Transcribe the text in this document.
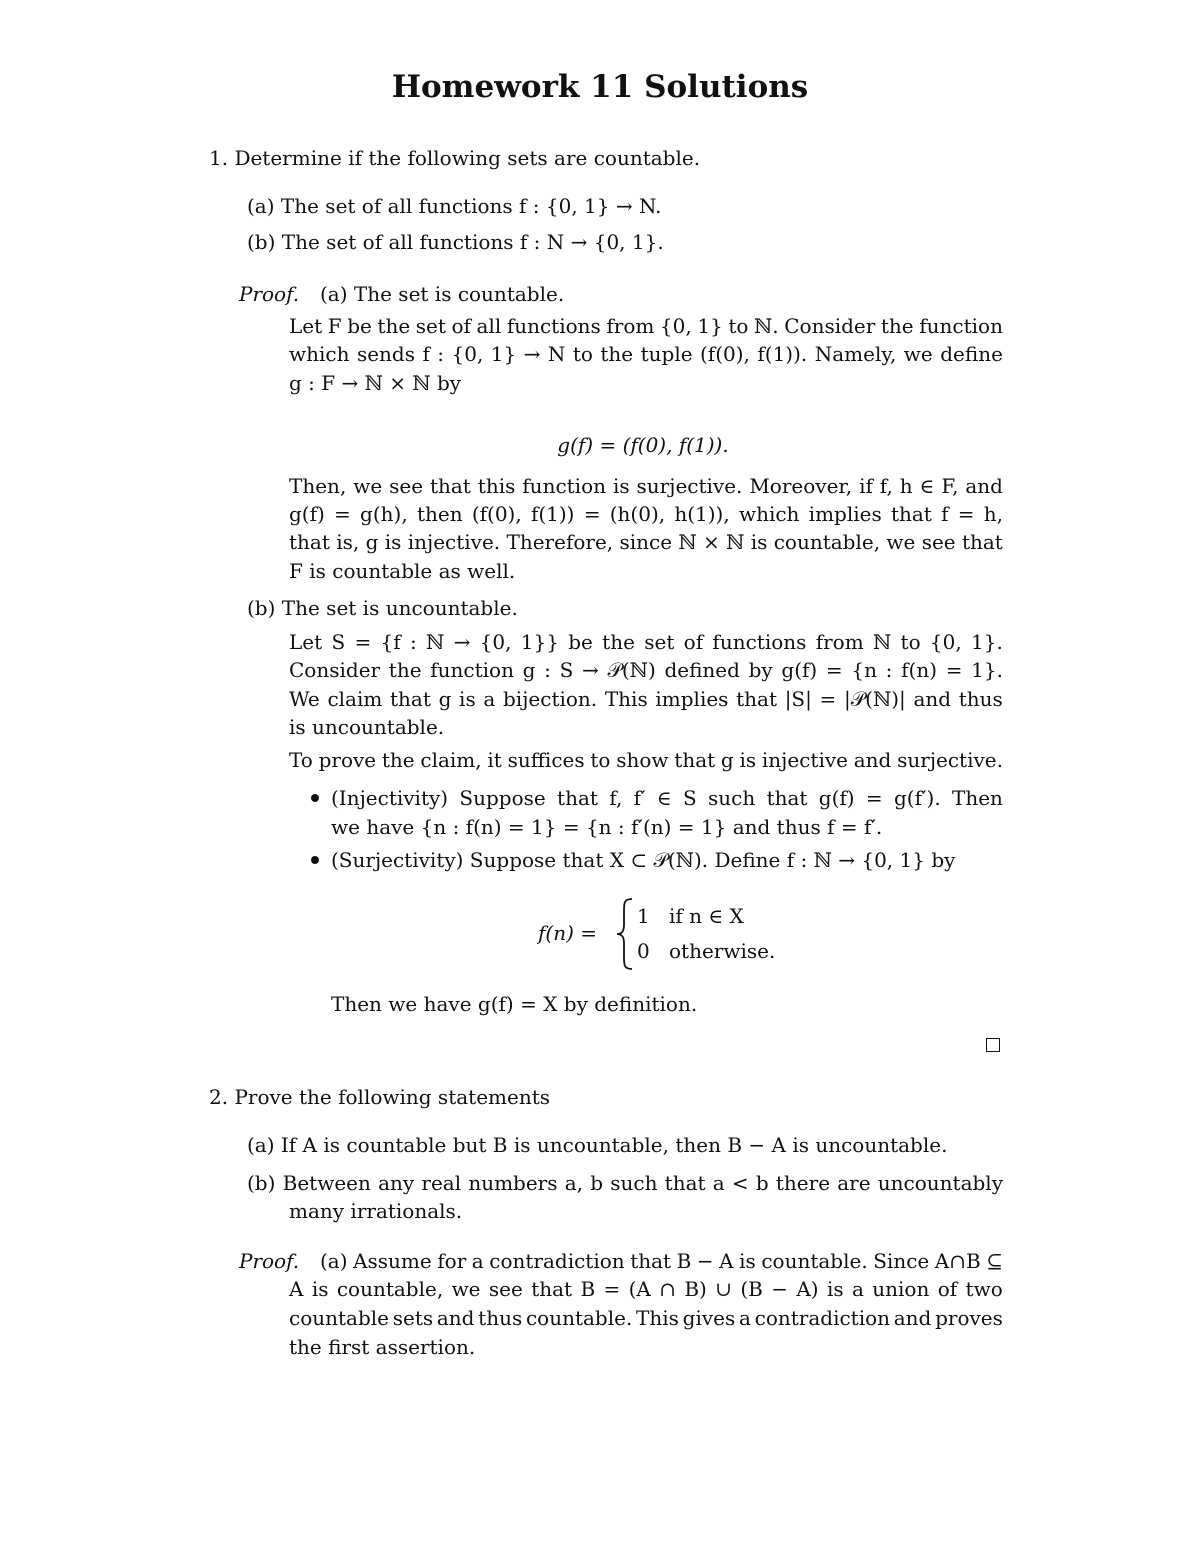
Homework 11 Solutions
1. Determine if the following sets are countable.
(a) The set of all functions f : {0, 1} → N.
(b) The set of all functions f : N → {0, 1}.
Proof. (a) The set is countable.
Let F be the set of all functions from {0, 1} to ℕ. Consider the function
which sends f : {0, 1} → N to the tuple (f(0), f(1)). Namely, we define
g : F → ℕ × ℕ by
g(f) = (f(0), f(1)).
Then, we see that this function is surjective. Moreover, if f, h ∈ F, and
g(f) = g(h), then (f(0), f(1)) = (h(0), h(1)), which implies that f = h,
that is, g is injective. Therefore, since ℕ × ℕ is countable, we see that
F is countable as well.
(b) The set is uncountable.
Let S = {f : ℕ → {0, 1}} be the set of functions from ℕ to {0, 1}.
Consider the function g : S → 𝒫(ℕ) defined by g(f) = {n : f(n) = 1}.
We claim that g is a bijection. This implies that |S| = |𝒫(ℕ)| and thus
is uncountable.
To prove the claim, it suffices to show that g is injective and surjective.
(Injectivity) Suppose that f, f′ ∈ S such that g(f) = g(f′). Then
we have {n : f(n) = 1} = {n : f′(n) = 1} and thus f = f′.
(Surjectivity) Suppose that X ⊂ 𝒫(ℕ). Define f : ℕ → {0, 1} by
f(n) =
1 if n ∈ X
0 otherwise.
Then we have g(f) = X by definition.
2. Prove the following statements
(a) If A is countable but B is uncountable, then B − A is uncountable.
(b) Between any real numbers a, b such that a < b there are uncountably
many irrationals.
Proof. (a) Assume for a contradiction that B − A is countable. Since A∩B ⊆
A is countable, we see that B = (A ∩ B) ∪ (B − A) is a union of two
countable sets and thus countable. This gives a contradiction and proves
the first assertion.
